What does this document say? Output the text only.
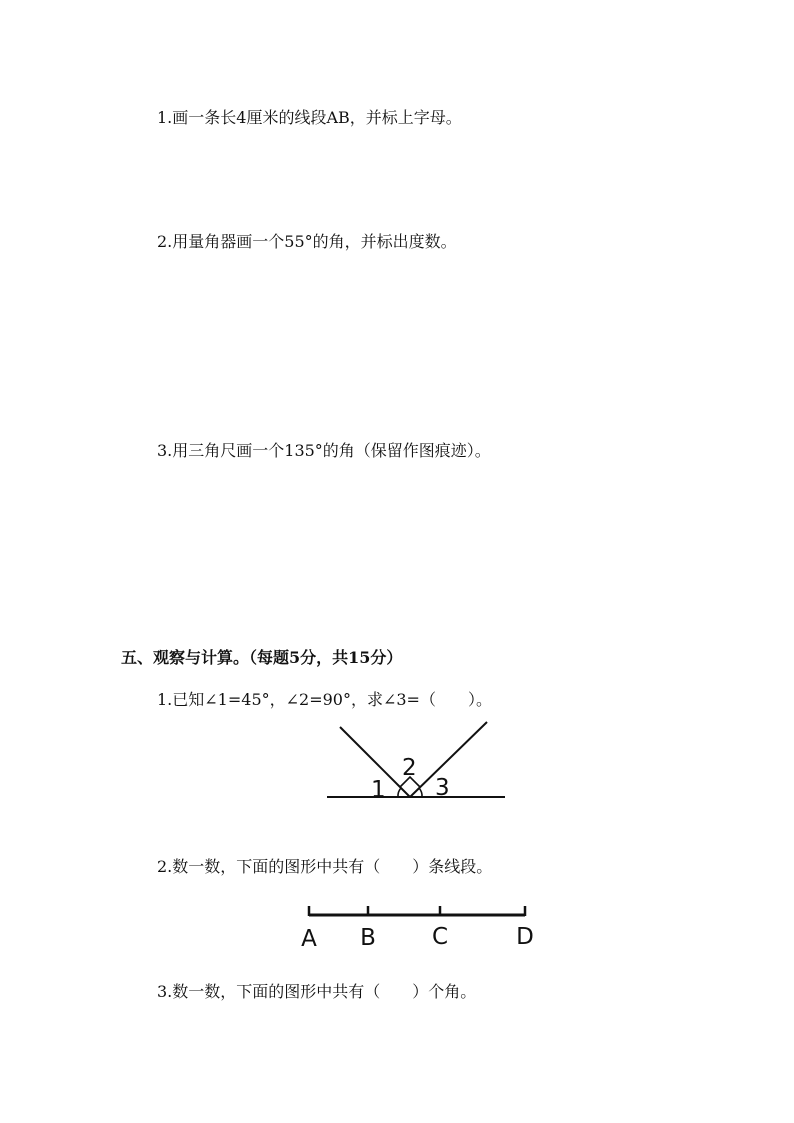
1.画一条长4厘米的线段AB，并标上字母。
2.用量角器画一个55°的角，并标出度数。
3.用三角尺画一个135°的角（保留作图痕迹）。
五、观察与计算。（每题5分，共15分）
1.已知∠1=45°，∠2=90°，求∠3=（　　）。
1
2
3
2.数一数，下面的图形中共有（　　）条线段。
A B C	D
3.数一数，下面的图形中共有（　　）个角。
